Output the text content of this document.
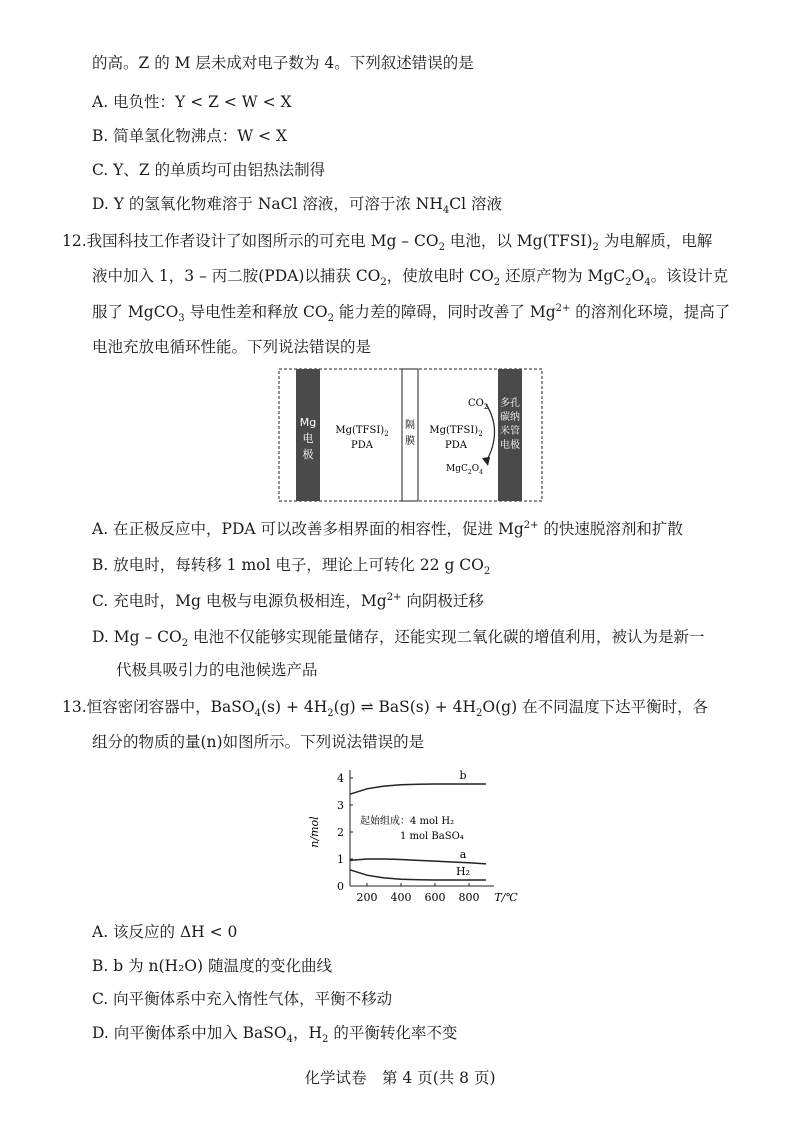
的高。Z 的 M 层未成对电子数为 4。下列叙述错误的是
A. 电负性：Y < Z < W < X
B. 简单氢化物沸点：W < X
C. Y、Z 的单质均可由铝热法制得
D. Y 的氢氧化物难溶于 NaCl 溶液，可溶于浓 $NH_4Cl$ 溶液
12.我国科技工作者设计了如图所示的可充电 Mg – $CO_2$ 电池，以 $Mg(TFSI)_2$ 为电解质，电解
液中加入 1，3 – 丙二胺(PDA)以捕获 $CO_2$，使放电时 $CO_2$ 还原产物为 $MgC_2O_4$。该设计克
服了 MgCO$_3$ 导电性差和释放 $CO_2$ 能力差的障碍，同时改善了 $Mg^{2+}$ 的溶剂化环境，提高了
电池充放电循环性能。下列说法错误的是
Mg
电
极
$Mg(TFSI)_2$
PDA
隔
膜
$Mg(TFSI)_2$
PDA
$CO_2$
$MgC_2O_4$
多孔
碳纳
米管
电极
A. 在正极反应中，PDA 可以改善多相界面的相容性，促进 $Mg^{2+}$ 的快速脱溶剂和扩散
B. 放电时，每转移 1 mol 电子，理论上可转化 22 g $CO_2$
C. 充电时，Mg 电极与电源负极相连，$Mg^{2+}$ 向阴极迁移
D. Mg – $CO_2$ 电池不仅能够实现能量储存，还能实现二氧化碳的增值利用，被认为是新一
代极具吸引力的电池候选产品
13.恒容密闭容器中，BaSO$_4$(s) + $4H_2(g)$ ⇌ $BaS(s) + 4H_2O(g)$ 在不同温度下达平衡时，各
组分的物质的量(n)如图所示。下列说法错误的是
0
1
2
3
4
200 400 600 800 T/℃
n/mol
b
a
H₂
起始组成：4 mol H₂
1 mol BaSO₄
A. 该反应的 ΔH < 0
B. b 为 n(H₂O) 随温度的变化曲线
C. 向平衡体系中充入惰性气体，平衡不移动
D. 向平衡体系中加入 BaSO$_4$，$H_2$ 的平衡转化率不变
化学试卷　第 4 页(共 8 页)
